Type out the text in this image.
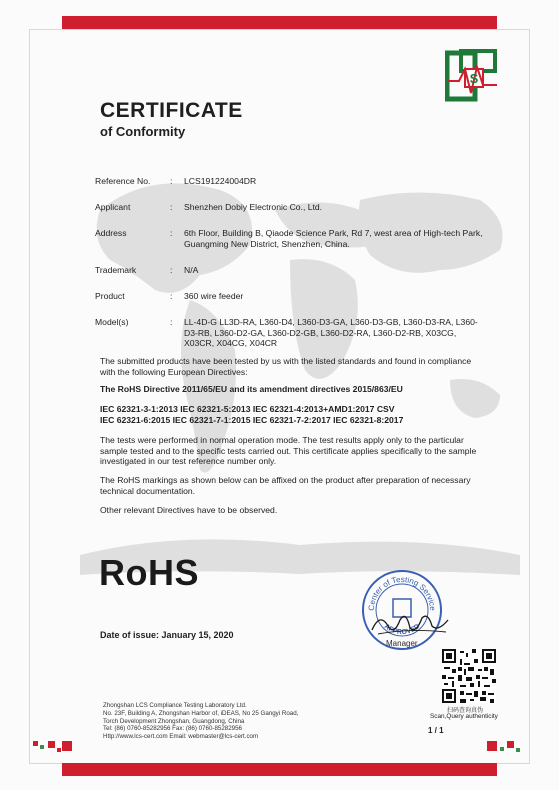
S
CERTIFICATE
of Conformity
Reference No. : LCS191224004DR
Applicant	: Shenzhen Dobiy Electronic Co., Ltd.
Address	: 6th Floor, Building B, Qiaode Science Park, Rd 7, west area of High-tech Park, Guangming New District, Shenzhen, China.
Trademark	: N/A
Product	: 360 wire feeder
Model(s)	: LL-4D-G LL3D-RA, L360-D4, L360-D3-GA, L360-D3-GB, L360-D3-RA, L360-D3-RB, L360-D2-GA, L360-D2-GB, L360-D2-RA, L360-D2-RB, X03CG, X03CR, X04CG, X04CR
The submitted products have been tested by us with the listed standards and found in compliance with the following European Directives:
The RoHS Directive 2011/65/EU and its amendment directives 2015/863/EU
IEC 62321-3-1:2013 IEC 62321-5:2013 IEC 62321-4:2013+AMD1:2017 CSV
IEC 62321-6:2015 IEC 62321-7-1:2015 IEC 62321-7-2:2017 IEC 62321-8:2017
The tests were performed in normal operation mode. The test results apply only to the particular sample tested and to the specific tests carried out. This certificate applies specifically to the sample investigated in our test reference number only.
The RoHS markings as shown below can be affixed on the product after preparation of necessary technical documentation.
Other relevant Directives have to be observed.
RoHS
Date of issue: January 15, 2020
Center of Testing Service
APPROVED
Manager
Zhongshan LCS Compliance Testing Laboratory Ltd.
No. 23F, Building A, Zhongshan Harbor of, iDEAS, No 25 Gangyi Road,
Torch Development Zhongshan, Guangdong, China
Tel: (86) 0760-85282956 Fax: (86) 0760-85282956
Http://www.lcs-cert.com Email: webmaster@lcs-cert.com
扫码查询真伪
Scan,Query authenticity
1 / 1
